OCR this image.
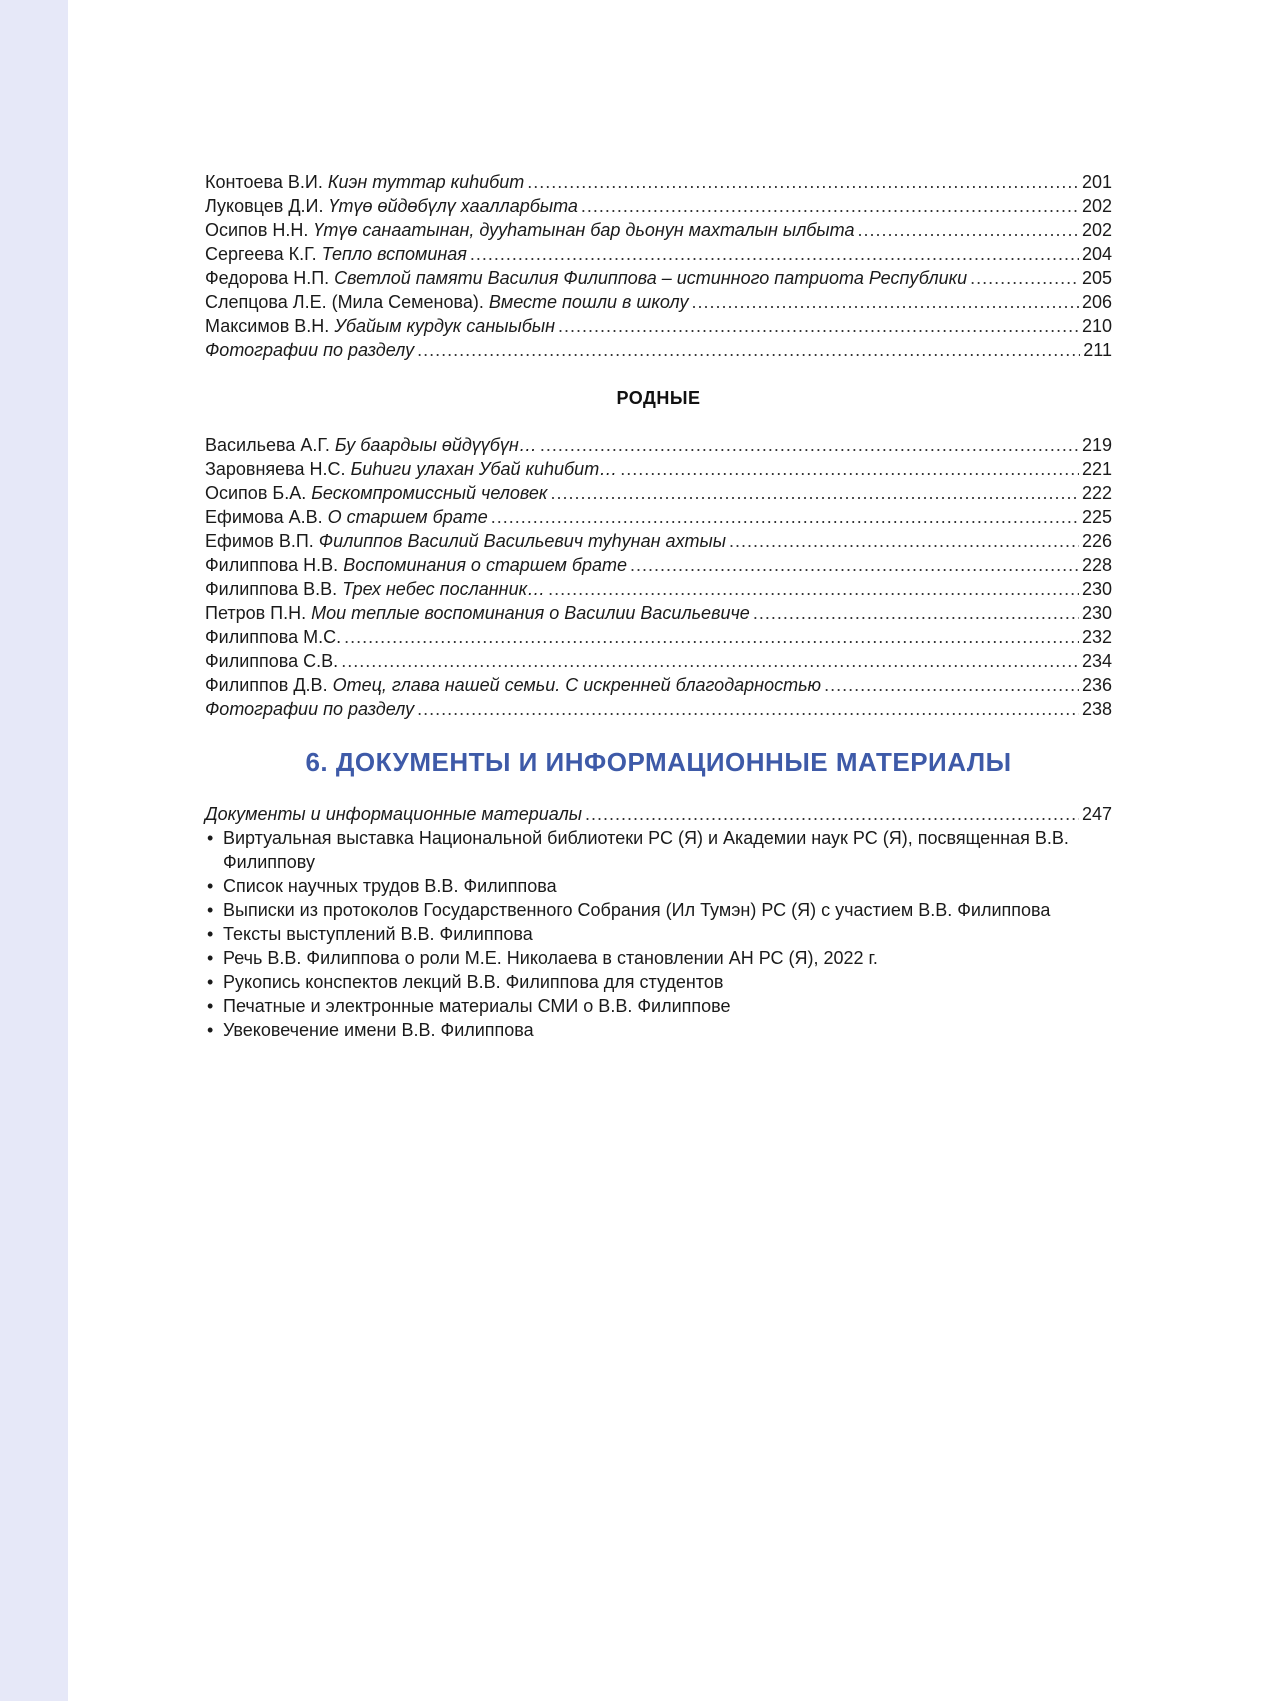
Контоева В.И. Киэн туттар киһибит .....	201
Луковцев Д.И. Үтүө өйдөбүлү хаалларбыта .....	202
Осипов Н.Н. Үтүө санаатынан, дууһатынан бар дьонун махталын ылбыта .....	202
Сергеева К.Г. Тепло вспоминая .....	204
Федорова Н.П. Светлой памяти Василия Филиппова – истинного патриота Республики .....	205
Слепцова Л.Е. (Мила Семенова). Вместе пошли в школу .....	206
Максимов В.Н. Убайым курдук саныыбын .....	210
Фотографии по разделу .....	211
РОДНЫЕ
Васильева А.Г. Бу баардыы өйдүүбүн… .....	219
Заровняева Н.С. Биһиги улахан Убай киһибит… .....	221
Осипов Б.А. Бескомпромиссный человек .....	222
Ефимова А.В. О старшем брате .....	225
Ефимов В.П. Филиппов Василий Васильевич туһунан ахтыы .....	226
Филиппова Н.В. Воспоминания о старшем брате .....	228
Филиппова В.В. Трех небес посланник… .....	230
Петров П.Н. Мои теплые воспоминания о Василии Васильевиче .....	230
Филиппова М.С. .....	232
Филиппова С.В. .....	234
Филиппов Д.В. Отец, глава нашей семьи. С искренней благодарностью .....	236
Фотографии по разделу .....	238
6. ДОКУМЕНТЫ И ИНФОРМАЦИОННЫЕ МАТЕРИАЛЫ
Документы и информационные материалы .....	247
• Виртуальная выставка Национальной библиотеки РС (Я) и Академии наук РС (Я), посвященная В.В. Филиппову
• Список научных трудов В.В. Филиппова
• Выписки из протоколов Государственного Собрания (Ил Тумэн) РС (Я) с участием В.В. Филиппова
• Тексты выступлений В.В. Филиппова
• Речь В.В. Филиппова о роли М.Е. Николаева в становлении АН РС (Я), 2022 г.
• Рукопись конспектов лекций В.В. Филиппова для студентов
• Печатные и электронные материалы СМИ о В.В. Филиппове
• Увековечение имени В.В. Филиппова
